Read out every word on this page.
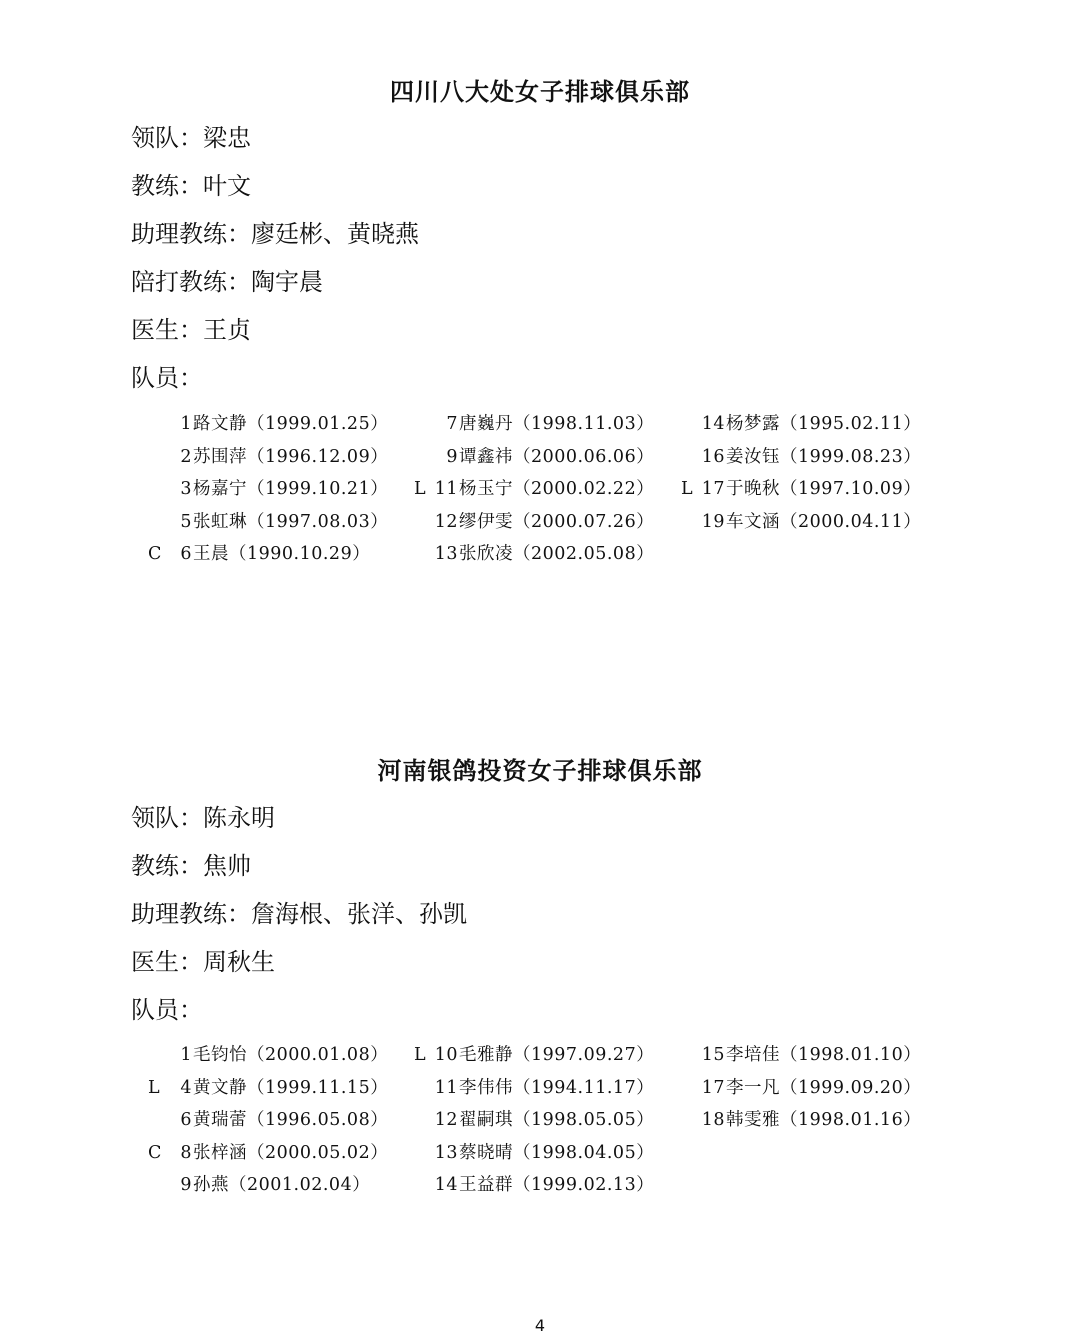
四川八大处女子排球俱乐部
领队：梁忠
教练：叶文
助理教练：廖廷彬、黄晓燕
陪打教练：陶宇晨
医生：王贞
队员：
1路文静（1999.01.25）
2苏围萍（1996.12.09）
3杨嘉宁（1999.10.21）
5张虹琳（1997.08.03）
C 6王晨（1990.10.29）
7唐巍丹（1998.11.03）
9谭鑫祎（2000.06.06）
L 11杨玉宁（2000.02.22）
12缪伊雯（2000.07.26）
13张欣凌（2002.05.08）
14杨梦露（1995.02.11）
16姜汝钰（1999.08.23）
L 17于晚秋（1997.10.09）
19车文涵（2000.04.11）
河南银鸽投资女子排球俱乐部
领队：陈永明
教练：焦帅
助理教练：詹海根、张洋、孙凯
医生：周秋生
队员：
1毛钧怡（2000.01.08）
L 4黄文静（1999.11.15）
6黄瑞蕾（1996.05.08）
C 8张梓涵（2000.05.02）
9孙燕（2001.02.04）
L 10毛雅静（1997.09.27）
11李伟伟（1994.11.17）
12翟嗣琪（1998.05.05）
13蔡晓晴（1998.04.05）
14王益群（1999.02.13）
15李培佳（1998.01.10）
17李一凡（1999.09.20）
18韩雯雅（1998.01.16）
4
